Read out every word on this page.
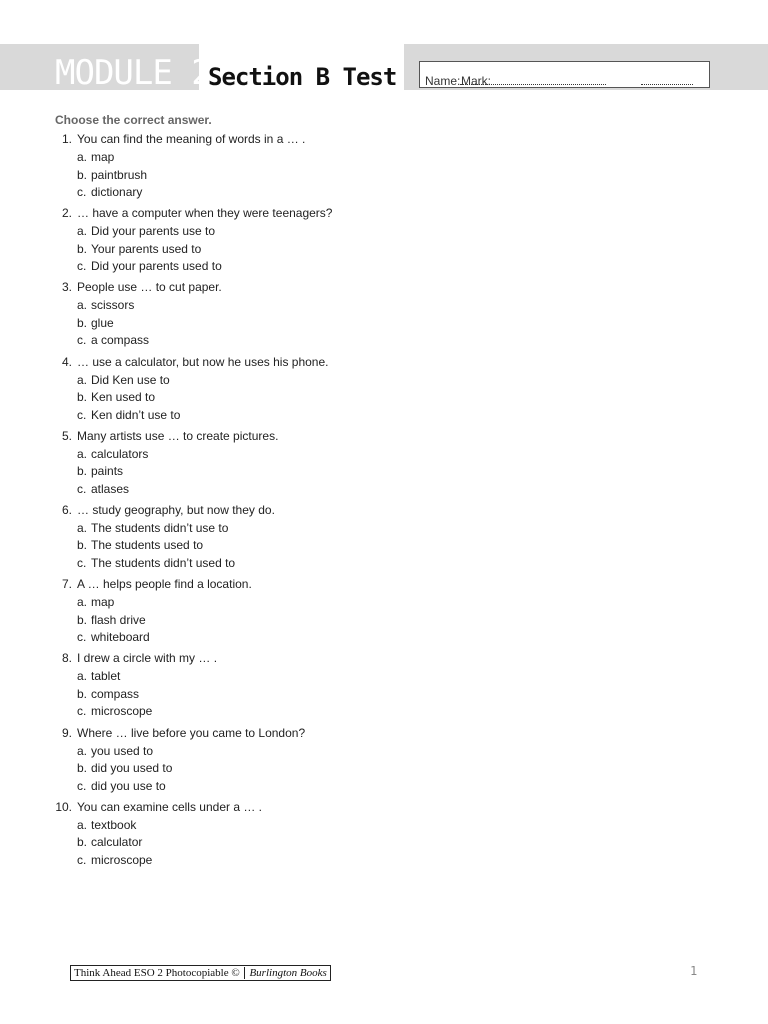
MODULE 2
Section B Test Name: Mark:
Choose the correct answer.
1. You can find the meaning of words in a … .
a. map
b. paintbrush
c. dictionary
2. … have a computer when they were teenagers?
a. Did your parents use to
b. Your parents used to
c. Did your parents used to
3. People use … to cut paper.
a. scissors
b. glue
c. a compass
4. … use a calculator, but now he uses his phone.
a. Did Ken use to
b. Ken used to
c. Ken didn’t use to
5. Many artists use … to create pictures.
a. calculators
b. paints
c. atlases
6. … study geography, but now they do.
a. The students didn’t use to
b. The students used to
c. The students didn’t used to
7. A … helps people find a location.
a. map
b. flash drive
c. whiteboard
8. I drew a circle with my … .
a. tablet
b. compass
c. microscope
9. Where … live before you came to London?
a. you used to
b. did you used to
c. did you use to
10. You can examine cells under a … .
a. textbook
b. calculator
c. microscope
Think Ahead ESO 2 Photocopiable © Burlington Books	1
